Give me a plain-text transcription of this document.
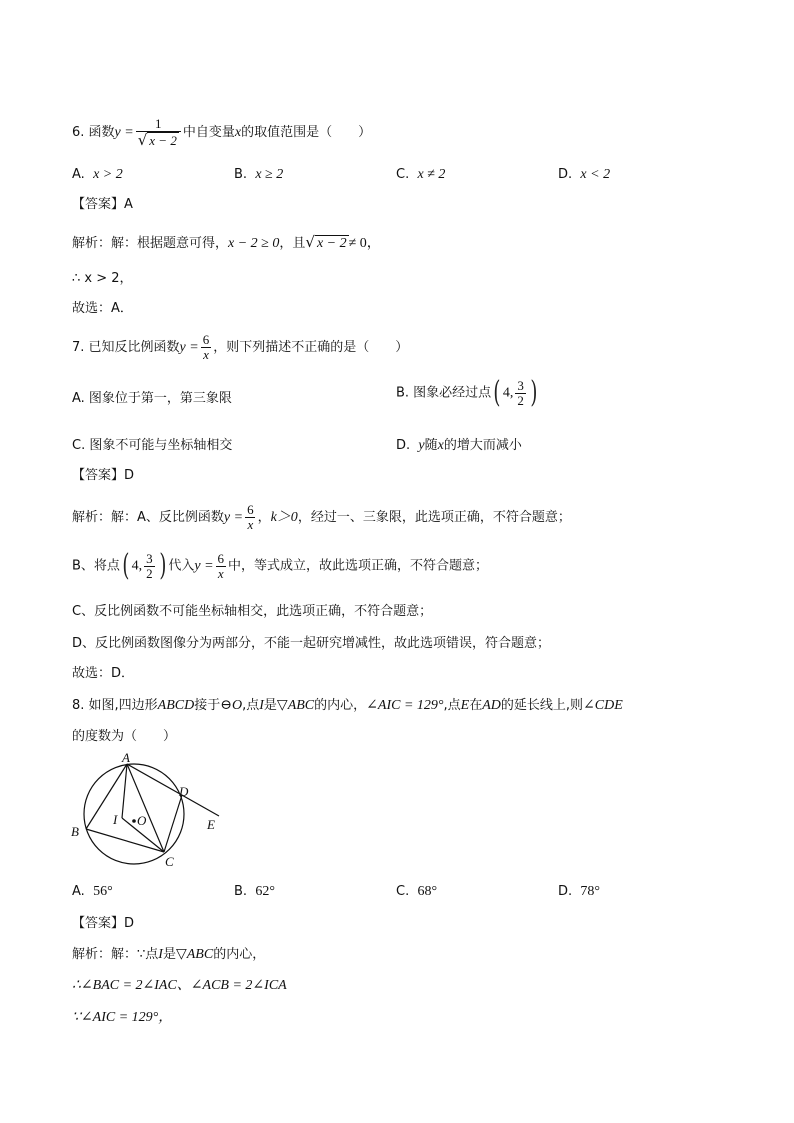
6. 函数$y = \frac{1}{√ x - 2}$ 中自变量x的取值范围是（　　）
A. x > 2	B. x ≥ 2	C. x ≠ 2	D. x < 2
【答案】A
解析：解：根据题意可得，x − 2 ≥ 0，且√ x − 2 ≠ 0，
∴ x > 2，
故选：A．
7. 已知反比例函数$y = \frac{6}{x}$ ，则下列描述不正确的是（　　）
A. 图象位于第一，第三象限	B. 图象必经过点( 4, $\frac{3}{2}$ )
C. 图象不可能与坐标轴相交	D. y随x的增大而减小
【答案】D
解析：解：A、反比例函数$y = \frac{6}{x}$ ，k＞0，经过一、三象限，此选项正确，不符合题意；
B、将点( 4, $\frac{3}{2}$ ) 代入$y = \frac{6}{x}$ 中，等式成立，故此选项正确，不符合题意；
C、反比例函数不可能坐标轴相交，此选项正确，不符合题意；
D、反比例函数图像分为两部分，不能一起研究增减性，故此选项错误，符合题意；
故选：D．
8. 如图,四边形ABCD接于⊖O,点I是▽ABC的内心，∠AIC = 129°,点E在AD的延长线上,则∠CDE
的度数为（　　）
A
B
C
D
E
I O
A. 56°	B. 62°	C. 68°	D. 78°
【答案】D
解析：解：∵点I是▽ABC的内心，
∴∠BAC = 2∠IAC、∠ACB = 2∠ICA
∵∠AIC = 129°，
